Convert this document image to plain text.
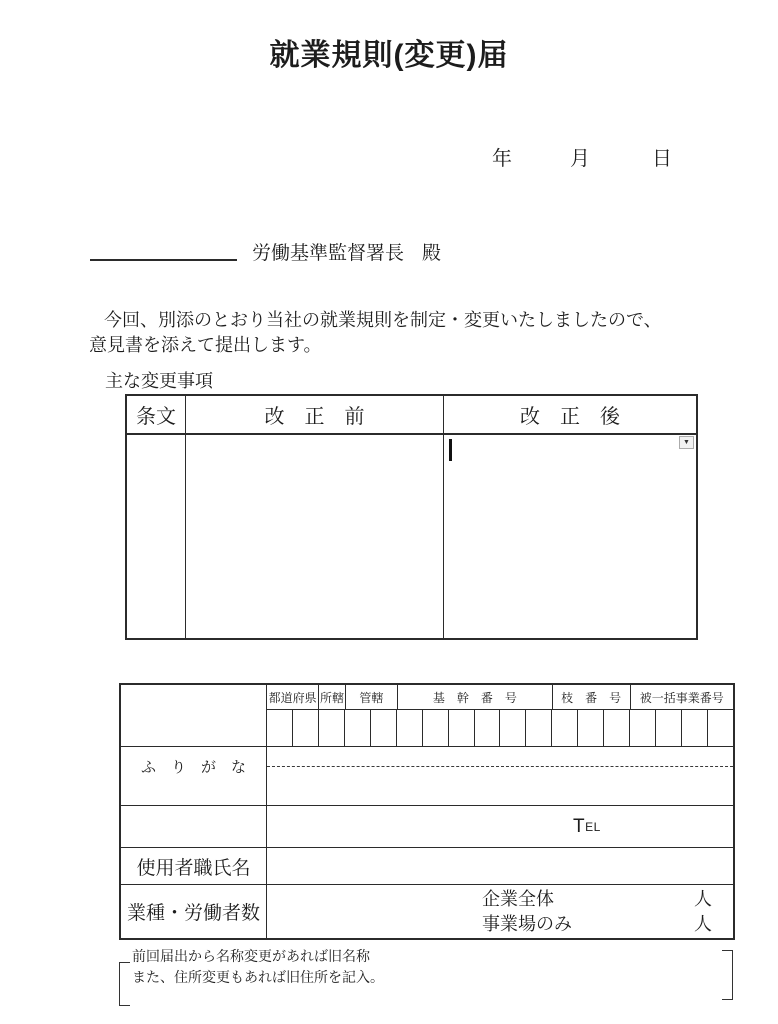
就業規則(変更)届
年	月	日
労働基準監督署長 殿
今回、別添のとおり当社の就業規則を制定・変更いたしましたので、
意見書を添えて提出します。
主な変更事項
条文	改　正　前	改　正　後
▼
都道府県 所轄	管轄	基　幹　番　号	枝　番　号	被一括事業番号
ふ　り　が　な
T EL
使用者職氏名
業種・労働者数
企業全体	人
事業場のみ	人
前回届出から名称変更があれば旧名称
また、住所変更もあれば旧住所を記入。
